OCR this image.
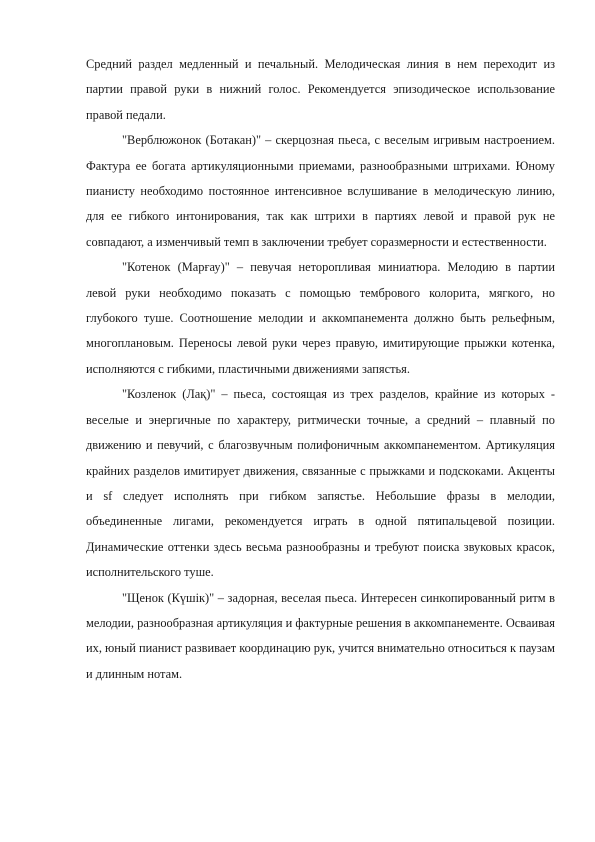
Средний раздел медленный и печальный. Мелодическая линия в нем переходит из партии правой руки в нижний голос. Рекомендуется эпизодическое использование правой педали.

"Верблюжонок (Ботакан)" – скерцозная пьеса, с веселым игривым настроением. Фактура ее богата артикуляционными приемами, разнообразными штрихами. Юному пианисту необходимо постоянное интенсивное вслушивание в мелодическую линию, для ее гибкого интонирования, так как штрихи в партиях левой и правой рук не совпадают, а изменчивый темп в заключении требует соразмерности и естественности.

"Котенок (Марғау)" – певучая неторопливая миниатюра. Мелодию в партии левой руки необходимо показать с помощью тембрового колорита, мягкого, но глубокого туше. Соотношение мелодии и аккомпанемента должно быть рельефным, многоплановым. Переносы левой руки через правую, имитирующие прыжки котенка, исполняются с гибкими, пластичными движениями запястья.

"Козленок (Лақ)" – пьеса, состоящая из трех разделов, крайние из которых - веселые и энергичные по характеру, ритмически точные, а средний – плавный по движению и певучий, с благозвучным полифоничным аккомпанементом. Артикуляция крайних разделов имитирует движения, связанные с прыжками и подскоками. Акценты и sf следует исполнять при гибком запястье. Небольшие фразы в мелодии, объединенные лигами, рекомендуется играть в одной пятипальцевой позиции. Динамические оттенки здесь весьма разнообразны и требуют поиска звуковых красок, исполнительского туше.

"Щенок (Күшік)" – задорная, веселая пьеса. Интересен синкопированный ритм в мелодии, разнообразная артикуляция и фактурные решения в аккомпанементе. Осваивая их, юный пианист развивает координацию рук, учится внимательно относиться к паузам и длинным нотам.
